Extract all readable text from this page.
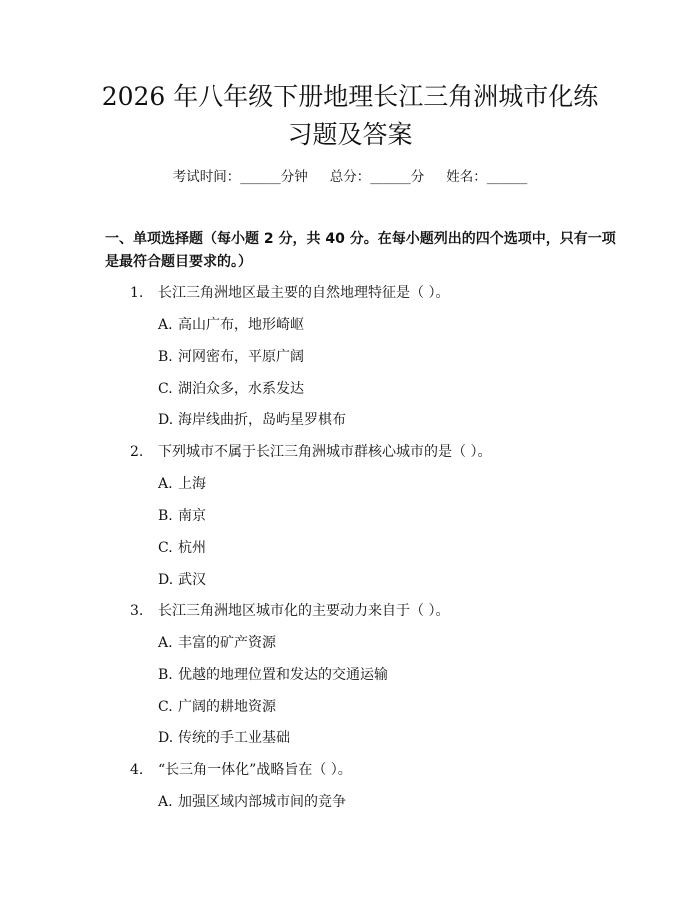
2026 年八年级下册地理长江三角洲城市化练
习题及答案
考试时间：______分钟 总分：______分 姓名：______

一、单项选择题（每小题 2 分，共 40 分。在每小题列出的四个选项中，只有一项是最符合题目要求的。）

1. 长江三角洲地区最主要的自然地理特征是（ ）。
A. 高山广布，地形崎岖
B. 河网密布，平原广阔
C. 湖泊众多，水系发达
D. 海岸线曲折，岛屿星罗棋布
2. 下列城市不属于长江三角洲城市群核心城市的是（ ）。
A. 上海
B. 南京
C. 杭州
D. 武汉
3. 长江三角洲地区城市化的主要动力来自于（ ）。
A. 丰富的矿产资源
B. 优越的地理位置和发达的交通运输
C. 广阔的耕地资源
D. 传统的手工业基础
4. “长三角一体化”战略旨在（ ）。
A. 加强区域内部城市间的竞争
